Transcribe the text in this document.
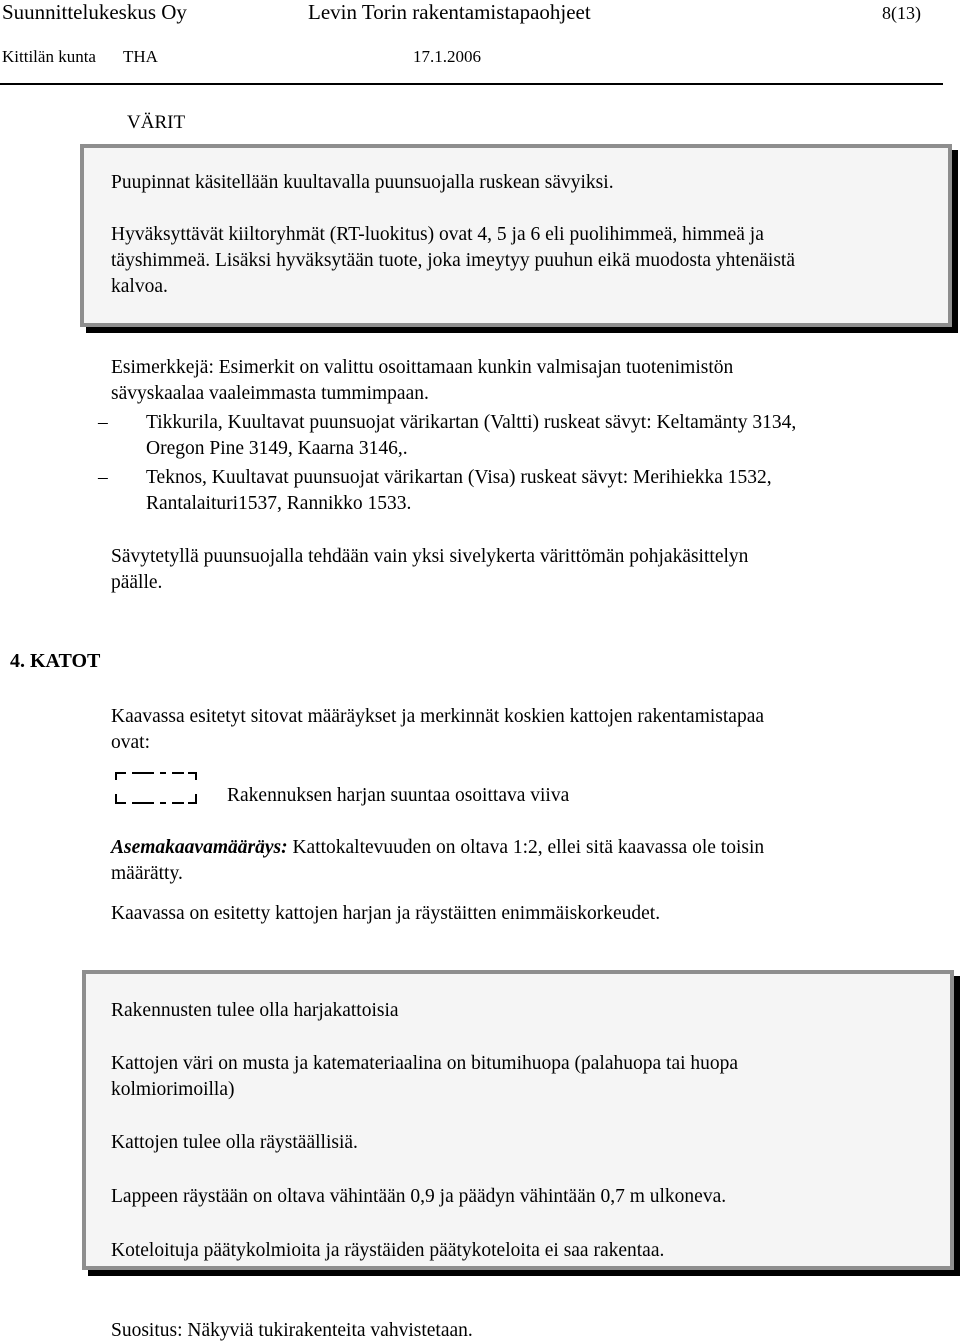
Suunnittelukeskus Oy	Levin Torin rakentamistapaohjeet	8(13)
Kittilän kunta THA	17.1.2006
VÄRIT
Puupinnat käsitellään kuultavalla puunsuojalla ruskean sävyiksi.
Hyväksyttävät kiiltoryhmät (RT-luokitus) ovat 4, 5 ja 6 eli puolihimmeä, himmeä ja
täyshimmeä. Lisäksi hyväksytään tuote, joka imeytyy puuhun eikä muodosta yhtenäistä
kalvoa.
Esimerkkejä: Esimerkit on valittu osoittamaan kunkin valmisajan tuotenimistön
sävyskaalaa vaaleimmasta tummimpaan.
– Tikkurila, Kuultavat puunsuojat värikartan (Valtti) ruskeat sävyt: Keltamänty 3134,
Oregon Pine 3149, Kaarna 3146,.
– Teknos, Kuultavat puunsuojat värikartan (Visa) ruskeat sävyt: Merihiekka 1532,
Rantalaituri1537, Rannikko 1533.
Sävytetyllä puunsuojalla tehdään vain yksi sivelykerta värittömän pohjakäsittelyn
päälle.
4. KATOT
Kaavassa esitetyt sitovat määräykset ja merkinnät koskien kattojen rakentamistapaa
ovat:
Rakennuksen harjan suuntaa osoittava viiva
Asemakaavamääräys: Kattokaltevuuden on oltava 1:2, ellei sitä kaavassa ole toisin
määrätty.
Kaavassa on esitetty kattojen harjan ja räystäitten enimmäiskorkeudet.
Rakennusten tulee olla harjakattoisia
Kattojen väri on musta ja katemateriaalina on bitumihuopa (palahuopa tai huopa
kolmiorimoilla)
Kattojen tulee olla räystäällisiä.
Lappeen räystään on oltava vähintään 0,9 ja päädyn vähintään 0,7 m ulkoneva.
Koteloituja päätykolmioita ja räystäiden päätykoteloita ei saa rakentaa.
Suositus: Näkyviä tukirakenteita vahvistetaan.
